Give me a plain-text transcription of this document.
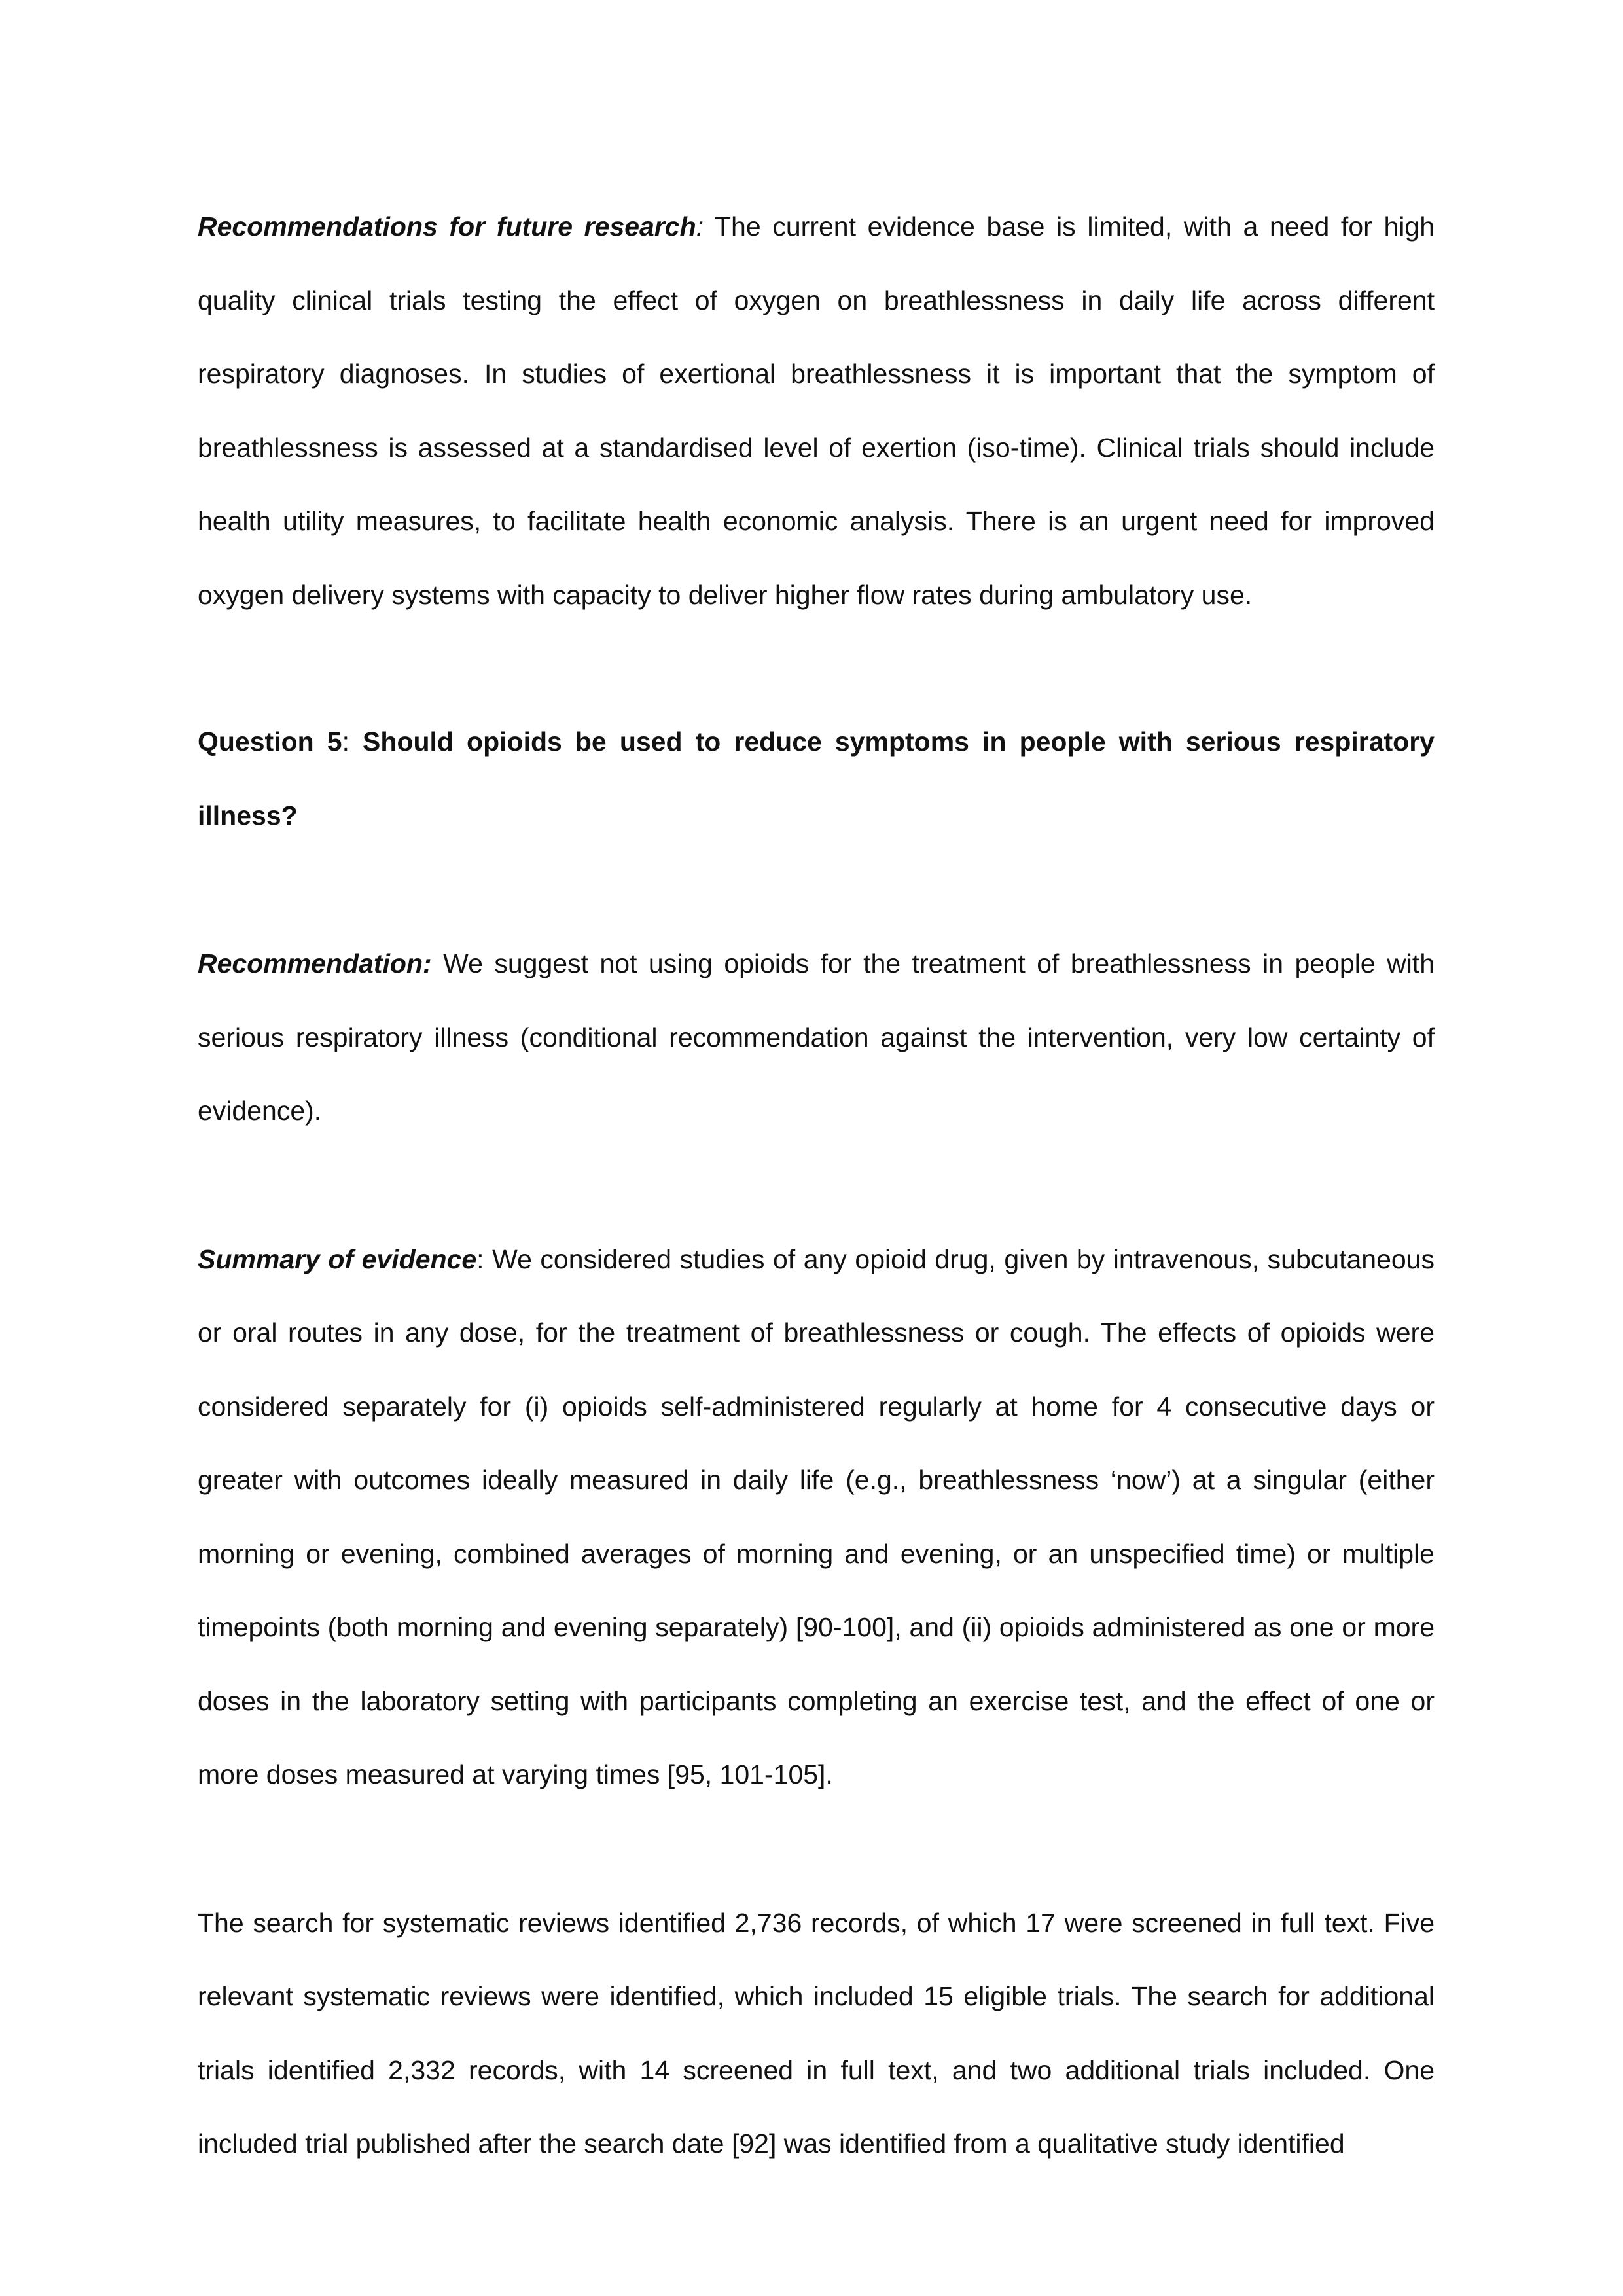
Recommendations for future research: The current evidence base is limited, with a need for high quality clinical trials testing the effect of oxygen on breathlessness in daily life across different respiratory diagnoses. In studies of exertional breathlessness it is important that the symptom of breathlessness is assessed at a standardised level of exertion (iso-time). Clinical trials should include health utility measures, to facilitate health economic analysis. There is an urgent need for improved oxygen delivery systems with capacity to deliver higher flow rates during ambulatory use.

Question 5: Should opioids be used to reduce symptoms in people with serious respiratory illness?

Recommendation: We suggest not using opioids for the treatment of breathlessness in people with serious respiratory illness (conditional recommendation against the intervention, very low certainty of evidence).

Summary of evidence: We considered studies of any opioid drug, given by intravenous, subcutaneous or oral routes in any dose, for the treatment of breathlessness or cough. The effects of opioids were considered separately for (i) opioids self-administered regularly at home for 4 consecutive days or greater with outcomes ideally measured in daily life (e.g., breathlessness ‘now’) at a singular (either morning or evening, combined averages of morning and evening, or an unspecified time) or multiple timepoints (both morning and evening separately) [90-100], and (ii) opioids administered as one or more doses in the laboratory setting with participants completing an exercise test, and the effect of one or more doses measured at varying times [95, 101-105].

The search for systematic reviews identified 2,736 records, of which 17 were screened in full text. Five relevant systematic reviews were identified, which included 15 eligible trials. The search for additional trials identified 2,332 records, with 14 screened in full text, and two additional trials included. One included trial published after the search date [92] was identified from a qualitative study identified
